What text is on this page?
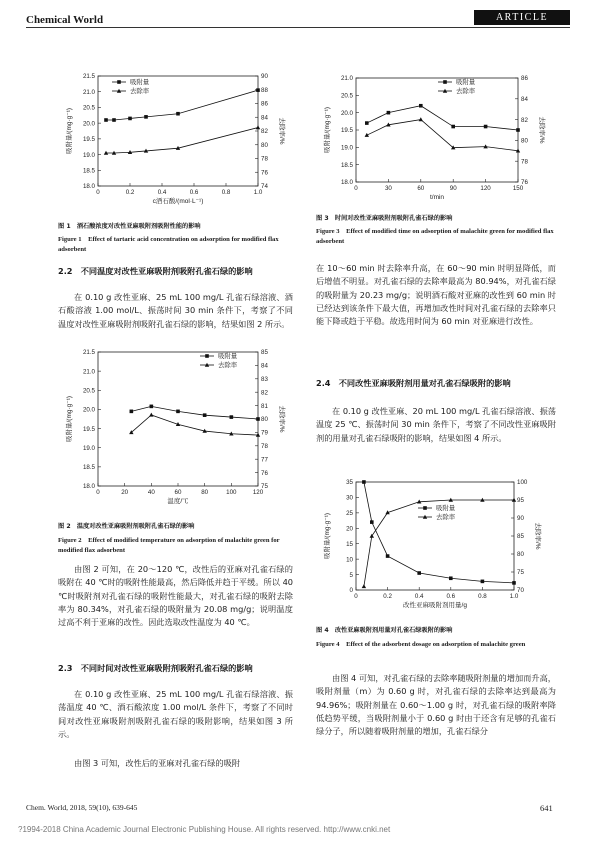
Chemical World	ARTICLE
18.0
18.5
19.0
19.5
20.0
20.5
21.0
21.5
74
76
78
80
82
84
86
88
90
0	0.2	0.4	0.6	0.8	1.0
c酒石酸/(mol·L⁻¹)
吸附量/(mg·g⁻¹)	去除率/%
吸附量
去除率
图 1　 酒石酸浓度对改性亚麻吸附剂吸附性能的影响
Figure 1　 Effect of tartaric acid concentration on adsorption for modified flax adsorbent
2.2　不同温度对改性亚麻吸附剂吸附孔雀石绿的影响
在 0.10 g 改性亚麻、25 mL 100 mg/L 孔雀石绿溶液、酒石酸溶液 1.00 mol/L、振荡时间 30 min 条件下，考察了不同温度对改性亚麻吸附剂吸附孔雀石绿的影响，结果如图 2 所示。
18.0
18.5
19.0
19.5
20.0
20.5
21.0
21.5
75
76
77
78
79
80
81
82
83
84
85
0	20	40	60	80	100	120
温度/℃
吸附量/(mg·g⁻¹)	去除率/%
吸附量
去除率
图 2　 温度对改性亚麻吸附剂吸附孔雀石绿的影响
Figure 2　 Effect of modified temperature on adsorption of malachite green for modified flax adsorbent
由图 2 可知，在 20～120 ℃，改性后的亚麻对孔雀石绿的吸附在 40 ℃时的吸附性能最高，然后降低并趋于平缓。所以 40 ℃时吸附剂对孔雀石绿的吸附性能最大，对孔雀石绿的吸附去除率为 80.34%，对孔雀石绿的吸附量为 20.08 mg/g；说明温度过高不利于亚麻的改性。因此选取改性温度为 40 ℃。
2.3　不同时间对改性亚麻吸附剂吸附孔雀石绿的影响
在 0.10 g 改性亚麻、25 mL 100 mg/L 孔雀石绿溶液、振荡温度 40 ℃、酒石酸浓度 1.00 mol/L 条件下，考察了不同时间对改性亚麻吸附剂吸附孔雀石绿的吸附影响，结果如图 3 所示。
由图 3 可知，改性后的亚麻对孔雀石绿的吸附
18.0
18.5
19.0
19.5
20.0
20.5
21.0
76
78
80
82
84
86
0	30	60	90	120	150
t/min
吸附量/(mg·g⁻¹)	去除率/%
吸附量
去除率
图 3　 时间对改性亚麻吸附剂吸附孔雀石绿的影响
Figure 3　 Effect of modified time on adsorption of malachite green for modified flax adsorbent
在 10～60 min 时去除率升高，在 60～90 min 时明显降低，而后增值不明显。对孔雀石绿的去除率最高为 80.94%，对孔雀石绿的吸附量为 20.23 mg/g；说明酒石酸对亚麻的改性到 60 min 时已经达到该条件下最大值，再增加改性时间对孔雀石绿的去除率只能下降或趋于平稳。故选用时间为 60 min 对亚麻进行改性。
2.4　不同改性亚麻吸附剂用量对孔雀石绿吸附的影响
在 0.10 g 改性亚麻、20 mL 100 mg/L 孔雀石绿溶液、振荡温度 25 ℃、振荡时间 30 min 条件下，考察了不同改性亚麻吸附剂的用量对孔雀石绿吸附的影响，结果如图 4 所示。
0
5
10
15
20
25
30
35
70
75
80
85
90
95
100
0	0.2	0.4	0.6	0.8	1.0
改性亚麻吸附剂用量/g
吸附量/(mg·g⁻¹)	去除率/%
吸附量
去除率
图 4　 改性亚麻吸附剂用量对孔雀石绿吸附的影响
Figure 4　 Effect of the adsorbent dosage on adsorption of malachite green
由图 4 可知，对孔雀石绿的去除率随吸附剂量的增加而升高，吸附剂量（m）为 0.60 g 时，对孔雀石绿的去除率达到最高为 94.96%；吸附剂量在 0.60～1.00 g 时，对孔雀石绿的吸附率降低趋势平缓，当吸附剂量小于 0.60 g 时由于还含有足够的孔雀石绿分子，所以随着吸附剂量的增加，孔雀石绿分
Chem. World, 2018, 59(10), 639-645	641
?1994-2018 China Academic Journal Electronic Publishing House. All rights reserved. http://www.cnki.net
